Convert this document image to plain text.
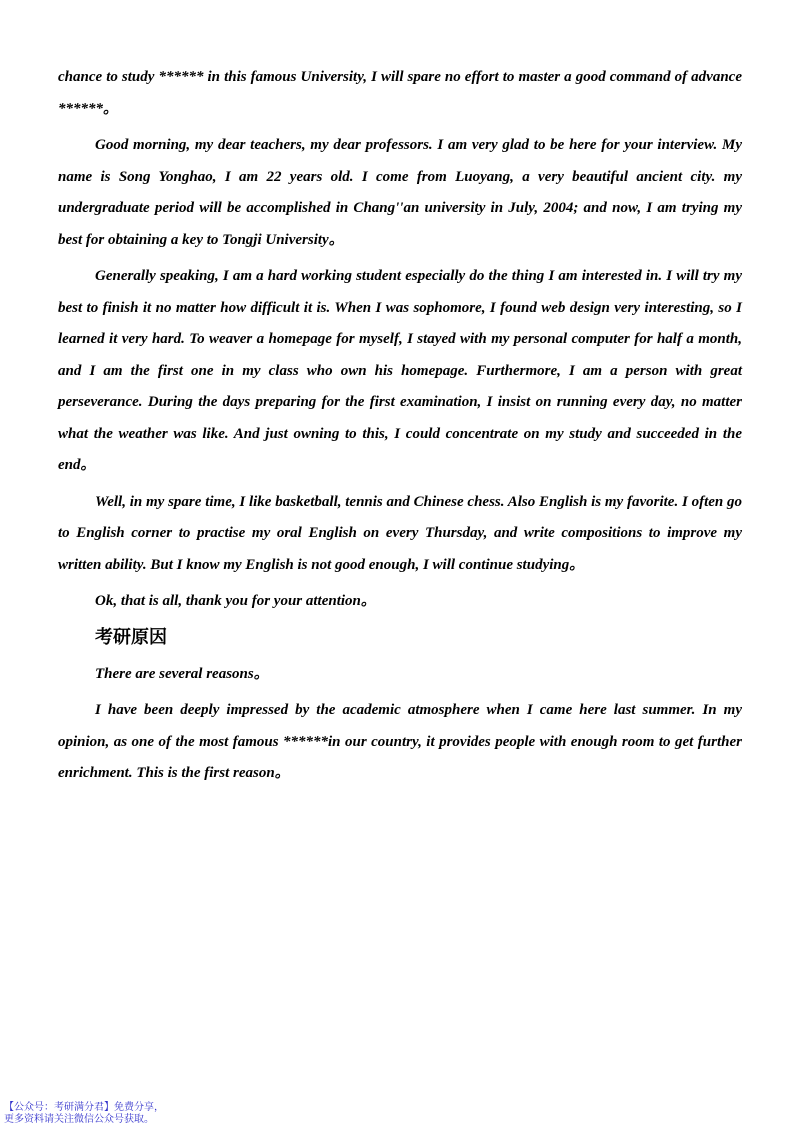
chance to study ****** in this famous University, I will spare no effort to master a good command of advance ******。

Good morning, my dear teachers, my dear professors. I am very glad to be here for your interview. My name is Song Yonghao, I am 22 years old. I come from Luoyang, a very beautiful ancient city. my undergraduate period will be accomplished in Chang''an university in July, 2004; and now, I am trying my best for obtaining a key to Tongji University。

Generally speaking, I am a hard working student especially do the thing I am interested in. I will try my best to finish it no matter how difficult it is. When I was sophomore, I found web design very interesting, so I learned it very hard. To weaver a homepage for myself, I stayed with my personal computer for half a month, and I am the first one in my class who own his homepage. Furthermore, I am a person with great perseverance. During the days preparing for the first examination, I insist on running every day, no matter what the weather was like. And just owning to this, I could concentrate on my study and succeeded in the end。

Well, in my spare time, I like basketball, tennis and Chinese chess. Also English is my favorite. I often go to English corner to practise my oral English on every Thursday, and write compositions to improve my written ability. But I know my English is not good enough, I will continue studying。

Ok, that is all, thank you for your attention。

考研原因

There are several reasons。

I have been deeply impressed by the academic atmosphere when I came here last summer. In my opinion, as one of the most famous ******in our country, it provides people with enough room to get further enrichment. This is the first reason。

【公众号：考研满分君】免费分享，
更多资料请关注微信公众号获取。
